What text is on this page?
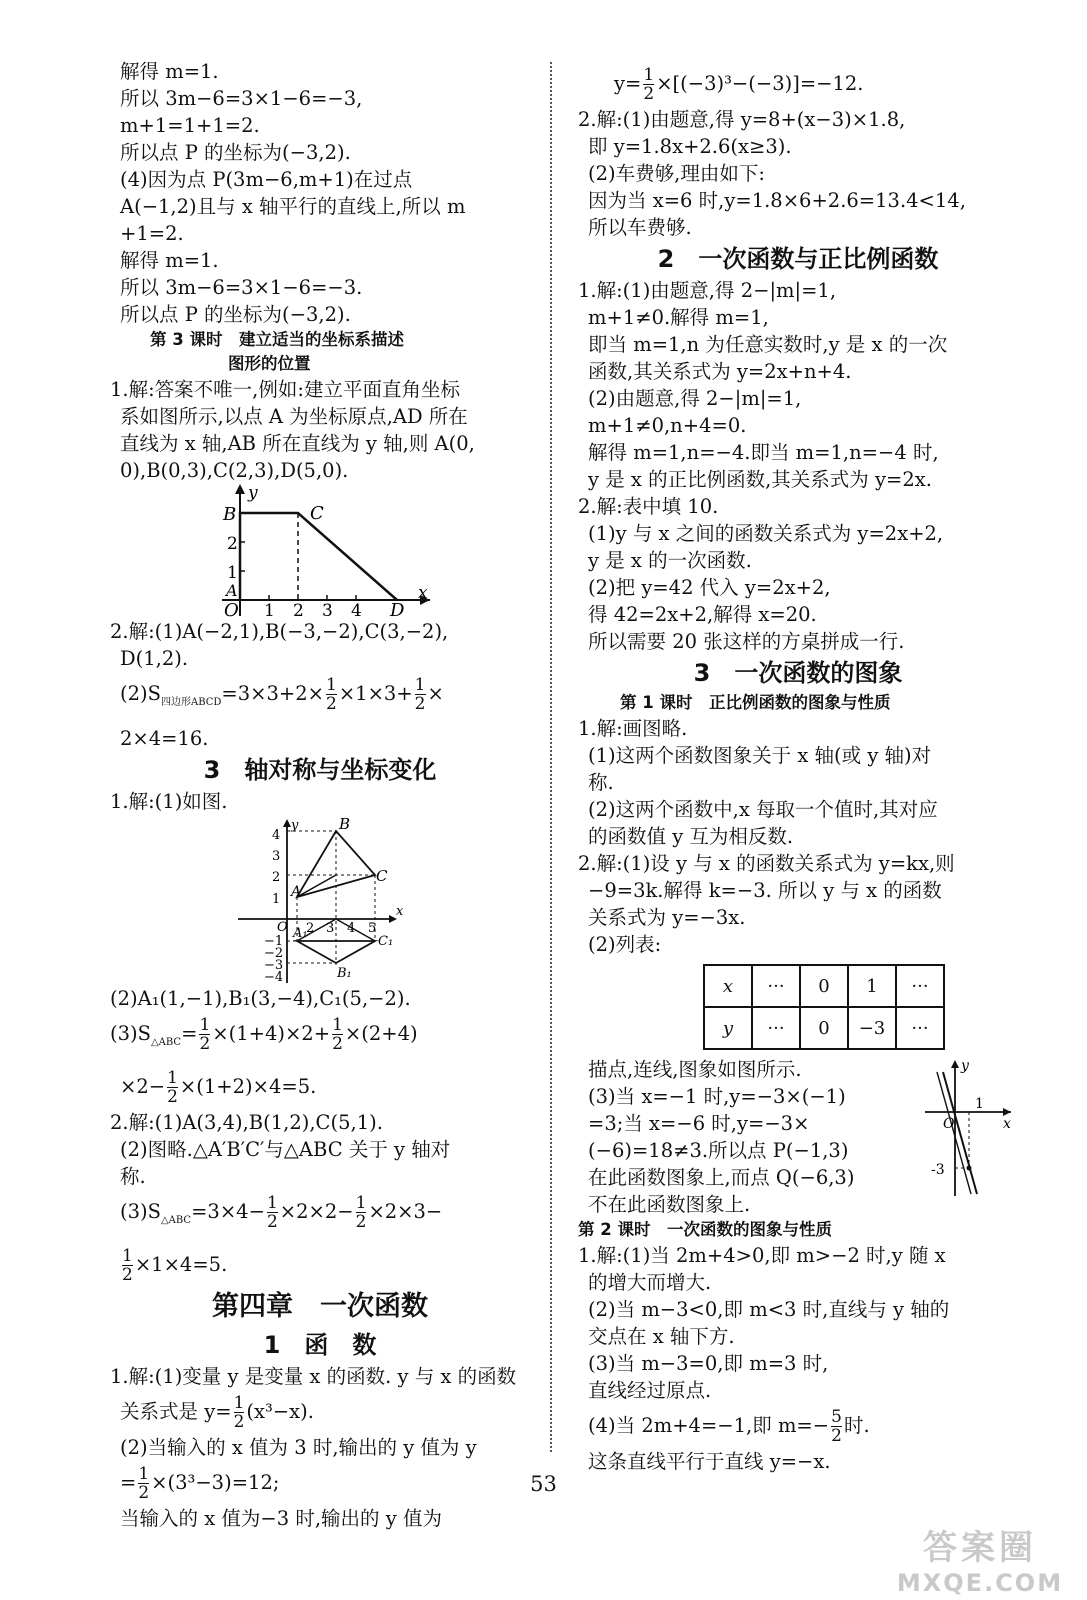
解得 m=1.
所以 3m−6=3×1−6=−3,
m+1=1+1=2.
所以点 P 的坐标为(−3,2).
(4)因为点 P(3m−6,m+1)在过点
A(−1,2)且与 x 轴平行的直线上,所以 m
+1=2.
解得 m=1.
所以 3m−6=3×1−6=−3.
所以点 P 的坐标为(−3,2).
第 3 课时　建立适当的坐标系描述
图形的位置
1.解:答案不唯一,例如:建立平面直角坐标
系如图所示,以点 A 为坐标原点,AD 所在
直线为 x 轴,AB 所在直线为 y 轴,则 A(0,
0),B(0,3),C(2,3),D(5,0).
y
x
B	C
A
O	D
2
1
1 2 3 4
2.解:(1)A(−2,1),B(−3,−2),C(3,−2),
D(1,2).
$(2)S_{四边形ABCD}=3\times 3+2\times \frac{1}{2} \times 1\times 3+ \frac{1}{2}$ ×
2×4=16.
3　轴对称与坐标变化
1.解:(1)如图.
y
x
B
C
A
A₁
B₁
C₁
O
4
3
2
1
−1
−2
−3
−4
2 3 4 5
(2)A₁(1,−1),B₁(3,−4),C₁(5,−2).
$(3)S_{\triangle ABC}= \frac{1}{2} \times(1+4)\times 2+ \frac{1}{2} \times(2+4)$
$\times 2- \frac{1}{2} \times(1+2)\times 4=5$.
2.解:(1)A(3,4),B(1,2),C(5,1).
(2)图略.△A′B′C′与△ABC 关于 y 轴对
称.
$(3)S_{\triangle ABC}=3\times 4- \frac{1}{2} \times 2\times 2- \frac{1}{2} \times 2\times 3-$
$\frac{1}{2} \times 1\times 4=5$.
第四章　一次函数
1　函　数
1.解:(1)变量 y 是变量 x 的函数. y 与 x 的函数
关系式是 $y= \frac{1}{2} (x^3-x)$.
(2)当输入的 x 值为 3 时,输出的 y 值为 y
= $\frac{1}{2} \times(3^3-3)=12$;
当输入的 x 值为−3 时,输出的 y 值为
$y= \frac{1}{2} \times[(-3)^3-(-3)]=-12$.
2.解:(1)由题意,得 y=8+(x−3)×1.8,
即 y=1.8x+2.6(x≥3).
(2)车费够,理由如下:
因为当 x=6 时,y=1.8×6+2.6=13.4<14,
所以车费够.
2　一次函数与正比例函数
1.解:(1)由题意,得 2−|m|=1,
m+1≠0.解得 m=1,
即当 m=1,n 为任意实数时,y 是 x 的一次
函数,其关系式为 y=2x+n+4.
(2)由题意,得 2−|m|=1,
m+1≠0,n+4=0.
解得 m=1,n=−4.即当 m=1,n=−4 时,
y 是 x 的正比例函数,其关系式为 y=2x.
2.解:表中填 10.
(1)y 与 x 之间的函数关系式为 y=2x+2,
y 是 x 的一次函数.
(2)把 y=42 代入 y=2x+2,
得 42=2x+2,解得 x=20.
所以需要 20 张这样的方桌拼成一行.
3　一次函数的图象
第 1 课时　正比例函数的图象与性质
1.解:画图略.
(1)这两个函数图象关于 x 轴(或 y 轴)对
称.
(2)这两个函数中,x 每取一个值时,其对应
的函数值 y 互为相反数.
2.解:(1)设 y 与 x 的函数关系式为 y=kx,则
−9=3k.解得 k=−3. 所以 y 与 x 的函数
关系式为 y=−3x.
(2)列表:
x	···	0	1	···
y	···	0	−3	···
描点,连线,图象如图所示.
(3)当 x=−1 时,y=−3×(−1)
=3;当 x=−6 时,y=−3×
(−6)=18≠3.所以点 P(−1,3)
在此函数图象上,而点 Q(−6,3)
不在此函数图象上.
y
x
O
1
-3
第 2 课时　一次函数的图象与性质
1.解:(1)当 2m+4>0,即 m>−2 时,y 随 x
的增大而增大.
(2)当 m−3<0,即 m<3 时,直线与 y 轴的
交点在 x 轴下方.
(3)当 m−3=0,即 m=3 时,
直线经过原点.
(4)当 2m+4=−1,即 $m=- \frac{5}{2}$ 时.
这条直线平行于直线 y=−x.
53
答案圈
MXQE.COM
